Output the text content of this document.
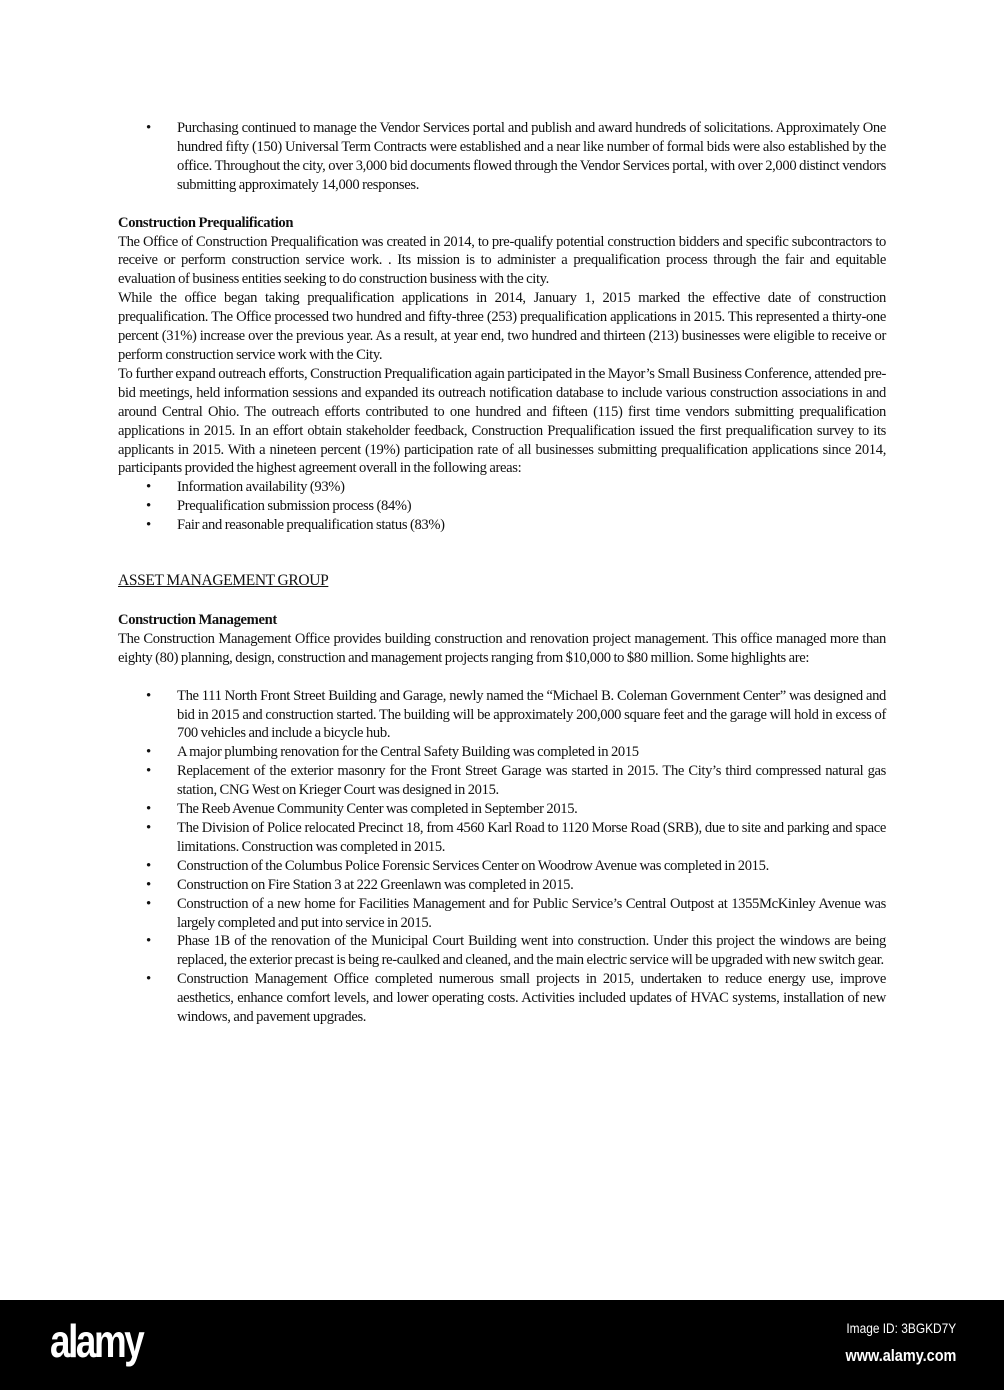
• Purchasing continued to manage the Vendor Services portal and publish and award hundreds of solicitations. Approximately One hundred fifty (150) Universal Term Contracts were established and a near like number of formal bids were also established by the office. Throughout the city, over 3,000 bid documents flowed through the Vendor Services portal, with over 2,000 distinct vendors submitting approximately 14,000 responses.

Construction Prequalification

The Office of Construction Prequalification was created in 2014, to pre-qualify potential construction bidders and specific subcontractors to receive or perform construction service work. . Its mission is to administer a prequalification process through the fair and equitable evaluation of business entities seeking to do construction business with the city.

While the office began taking prequalification applications in 2014, January 1, 2015 marked the effective date of construction prequalification. The Office processed two hundred and fifty-three (253) prequalification applications in 2015. This represented a thirty-one percent (31%) increase over the previous year. As a result, at year end, two hundred and thirteen (213) businesses were eligible to receive or perform construction service work with the City.

To further expand outreach efforts, Construction Prequalification again participated in the Mayor’s Small Business Conference, attended pre-bid meetings, held information sessions and expanded its outreach notification database to include various construction associations in and around Central Ohio. The outreach efforts contributed to one hundred and fifteen (115) first time vendors submitting prequalification applications in 2015. In an effort obtain stakeholder feedback, Construction Prequalification issued the first prequalification survey to its applicants in 2015. With a nineteen percent (19%) participation rate of all businesses submitting prequalification applications since 2014, participants provided the highest agreement overall in the following areas:

• Information availability (93%)
• Prequalification submission process (84%)
• Fair and reasonable prequalification status (83%)

ASSET MANAGEMENT GROUP

Construction Management

The Construction Management Office provides building construction and renovation project management. This office managed more than eighty (80) planning, design, construction and management projects ranging from $10,000 to $80 million. Some highlights are:

• The 111 North Front Street Building and Garage, newly named the “Michael B. Coleman Government Center” was designed and bid in 2015 and construction started. The building will be approximately 200,000 square feet and the garage will hold in excess of 700 vehicles and include a bicycle hub.
• A major plumbing renovation for the Central Safety Building was completed in 2015
• Replacement of the exterior masonry for the Front Street Garage was started in 2015. The City’s third compressed natural gas station, CNG West on Krieger Court was designed in 2015.
• The Reeb Avenue Community Center was completed in September 2015.
• The Division of Police relocated Precinct 18, from 4560 Karl Road to 1120 Morse Road (SRB), due to site and parking and space limitations. Construction was completed in 2015.
• Construction of the Columbus Police Forensic Services Center on Woodrow Avenue was completed in 2015.
• Construction on Fire Station 3 at 222 Greenlawn was completed in 2015.
• Construction of a new home for Facilities Management and for Public Service’s Central Outpost at 1355McKinley Avenue was largely completed and put into service in 2015.
• Phase 1B of the renovation of the Municipal Court Building went into construction. Under this project the windows are being replaced, the exterior precast is being re-caulked and cleaned, and the main electric service will be upgraded with new switch gear.
• Construction Management Office completed numerous small projects in 2015, undertaken to reduce energy use, improve aesthetics, enhance comfort levels, and lower operating costs. Activities included updates of HVAC systems, installation of new windows, and pavement upgrades.
alamy	Image ID: 3BGKD7Y
www.alamy.com
